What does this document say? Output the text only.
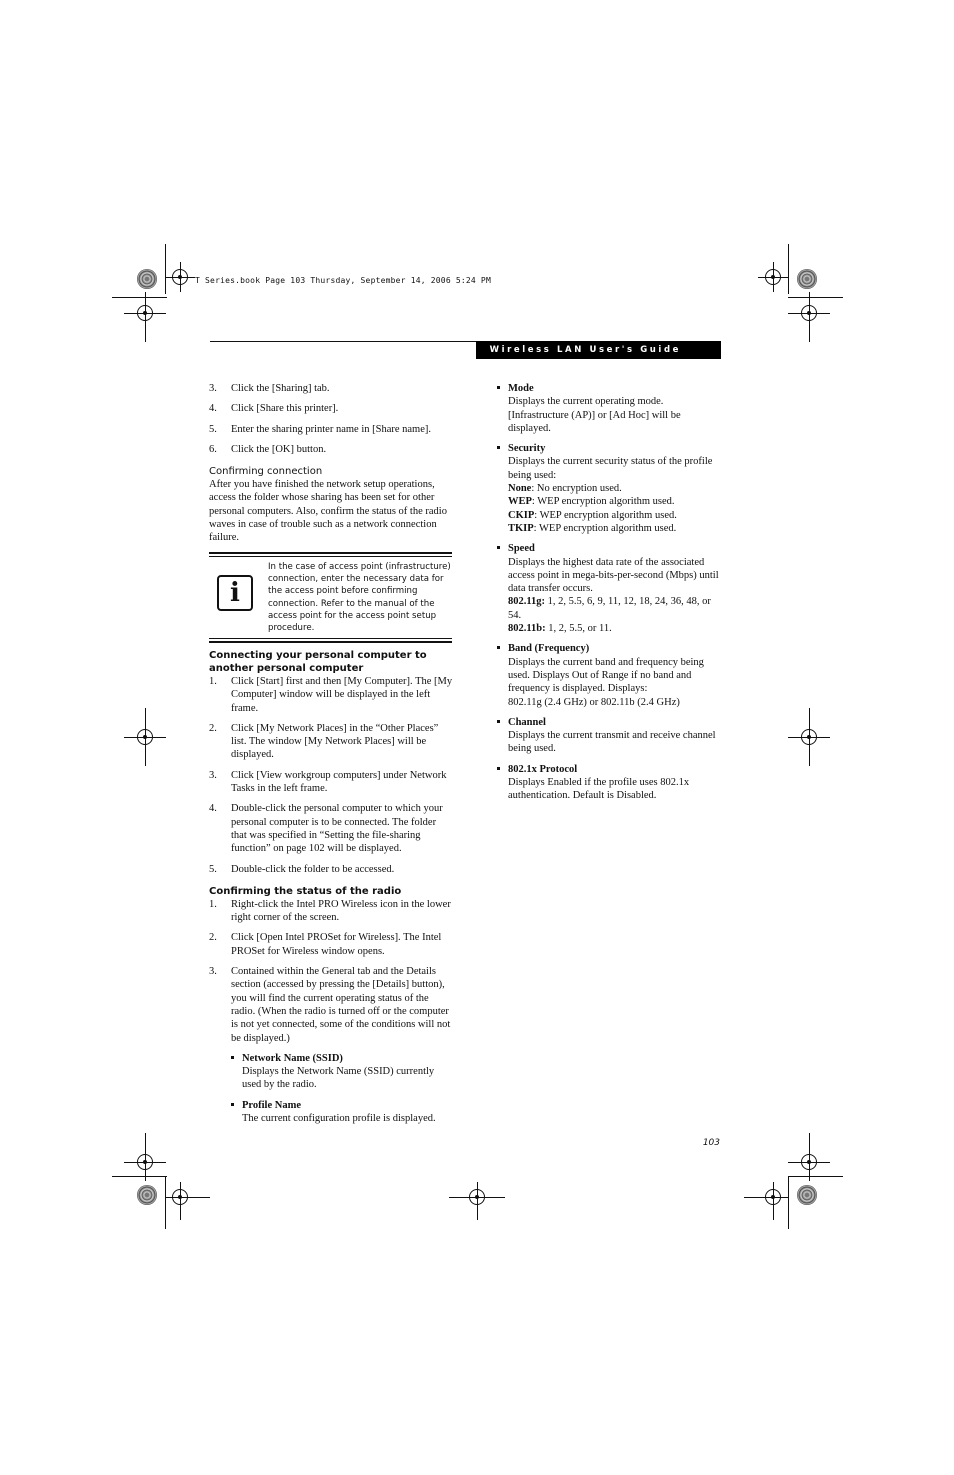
T Series.book Page 103 Thursday, September 14, 2006 5:24 PM
Wireless LAN User's Guide
3.	Click the [Sharing] tab.
4.	Click [Share this printer].
5.	Enter the sharing printer name in [Share name].
6.	Click the [OK] button.
Confirming connection
After you have finished the network setup operations, access the folder whose sharing has been set for other personal computers. Also, confirm the status of the radio waves in case of trouble such as a network connection failure.
i
In the case of access point (infrastructure) connection, enter the necessary data for the access point before confirming connection. Refer to the manual of the access point for the access point setup procedure.
Connecting your personal computer to another personal computer
1.	Click [Start] first and then [My Computer]. The [My Computer] window will be displayed in the left frame.
2.	Click [My Network Places] in the “Other Places” list. The window [My Network Places] will be displayed.
3.	Click [View workgroup computers] under Network Tasks in the left frame.
4.	Double-click the personal computer to which your personal computer is to be connected. The folder that was specified in “Setting the file-sharing function” on page 102 will be displayed.
5.	Double-click the folder to be accessed.
Confirming the status of the radio
1.	Right-click the Intel PRO Wireless icon in the lower right corner of the screen.
2.	Click [Open Intel PROSet for Wireless]. The Intel PROSet for Wireless window opens.
3.	Contained within the General tab and the Details section (accessed by pressing the [Details] button), you will find the current operating status of the radio. (When the radio is turned off or the computer is not yet connected, some of the conditions will not be displayed.)
Network Name (SSID)
Displays the Network Name (SSID) currently used by the radio.
Profile Name
The current configuration profile is displayed.
Mode
Displays the current operating mode. [Infrastructure (AP)] or [Ad Hoc] will be displayed.
Security
Displays the current security status of the profile being used:
None: No encryption used.
WEP: WEP encryption algorithm used.
CKIP: WEP encryption algorithm used.
TKIP: WEP encryption algorithm used.
Speed
Displays the highest data rate of the associated access point in mega-bits-per-second (Mbps) until data transfer occurs.
802.11g: 1, 2, 5.5, 6, 9, 11, 12, 18, 24, 36, 48, or 54.
802.11b: 1, 2, 5.5, or 11.
Band (Frequency)
Displays the current band and frequency being used. Displays Out of Range if no band and frequency is displayed. Displays:
802.11g (2.4 GHz) or 802.11b (2.4 GHz)
Channel
Displays the current transmit and receive channel being used.
802.1x Protocol
Displays Enabled if the profile uses 802.1x authentication. Default is Disabled.
103
